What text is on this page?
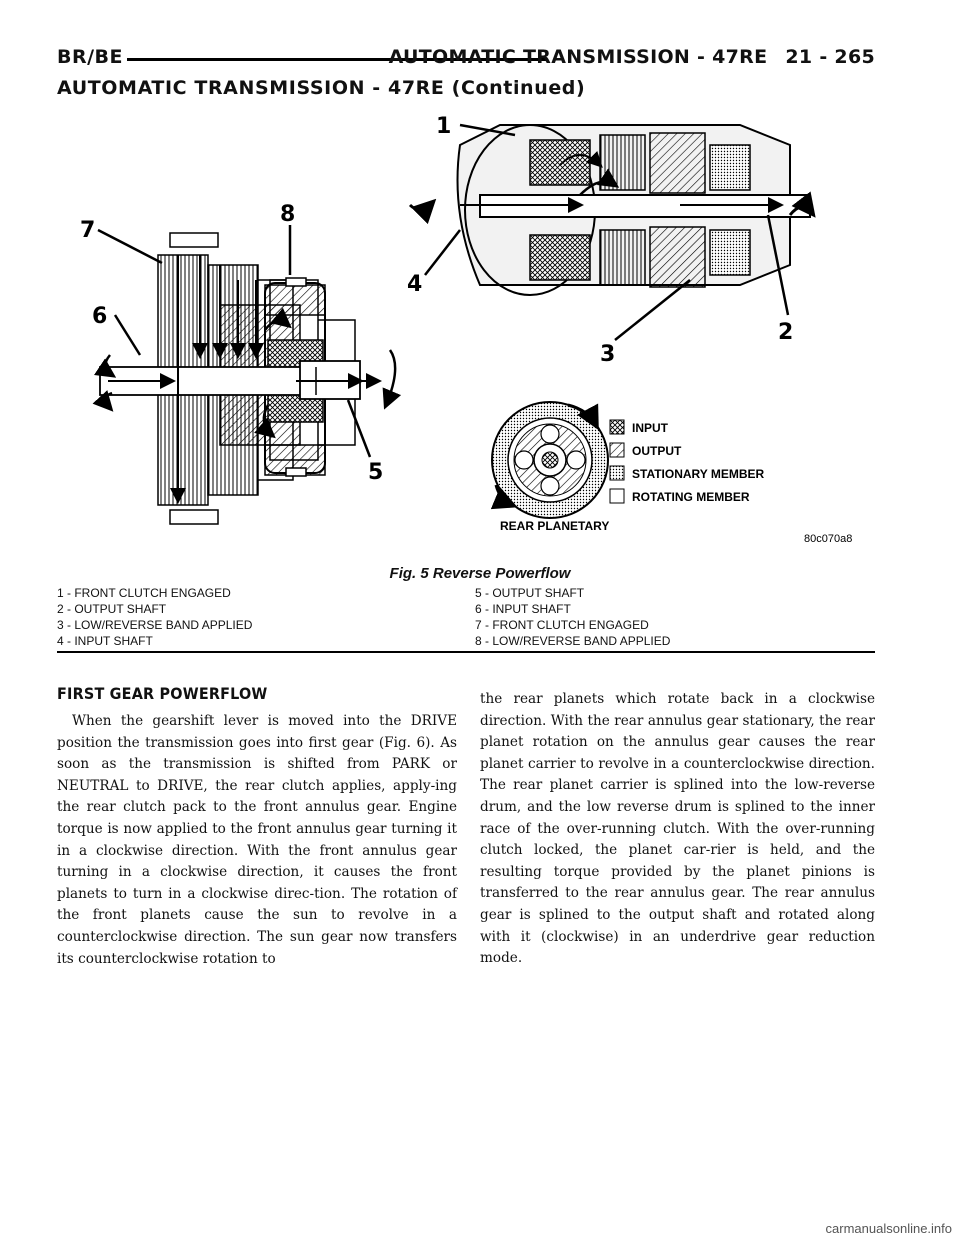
BR/BE	AUTOMATIC TRANSMISSION - 47RE 21 - 265
AUTOMATIC TRANSMISSION - 47RE (Continued)
INPUT
OUTPUT
STATIONARY MEMBER
ROTATING MEMBER
REAR PLANETARY
80c070a8
1
2
3
4
5
6
7
8
Fig. 5 Reverse Powerflow
1 - FRONT CLUTCH ENGAGED
2 - OUTPUT SHAFT
3 - LOW/REVERSE BAND APPLIED
4 - INPUT SHAFT
5 - OUTPUT SHAFT
6 - INPUT SHAFT
7 - FRONT CLUTCH ENGAGED
8 - LOW/REVERSE BAND APPLIED
FIRST GEAR POWERFLOW
When the gearshift lever is moved into the DRIVE position the transmission goes into first gear (Fig. 6). As soon as the transmission is shifted from PARK or NEUTRAL to DRIVE, the rear clutch applies, apply-ing the rear clutch pack to the front annulus gear. Engine torque is now applied to the front annulus gear turning it in a clockwise direction. With the front annulus gear turning in a clockwise direction, it causes the front planets to turn in a clockwise direc-tion. The rotation of the front planets cause the sun to revolve in a counterclockwise direction. The sun gear now transfers its counterclockwise rotation to
the rear planets which rotate back in a clockwise direction. With the rear annulus gear stationary, the rear planet rotation on the annulus gear causes the rear planet carrier to revolve in a counterclockwise direction. The rear planet carrier is splined into the low-reverse drum, and the low reverse drum is splined to the inner race of the over-running clutch. With the over-running clutch locked, the planet car-rier is held, and the resulting torque provided by the planet pinions is transferred to the rear annulus gear. The rear annulus gear is splined to the output shaft and rotated along with it (clockwise) in an underdrive gear reduction mode.
carmanualsonline.info
